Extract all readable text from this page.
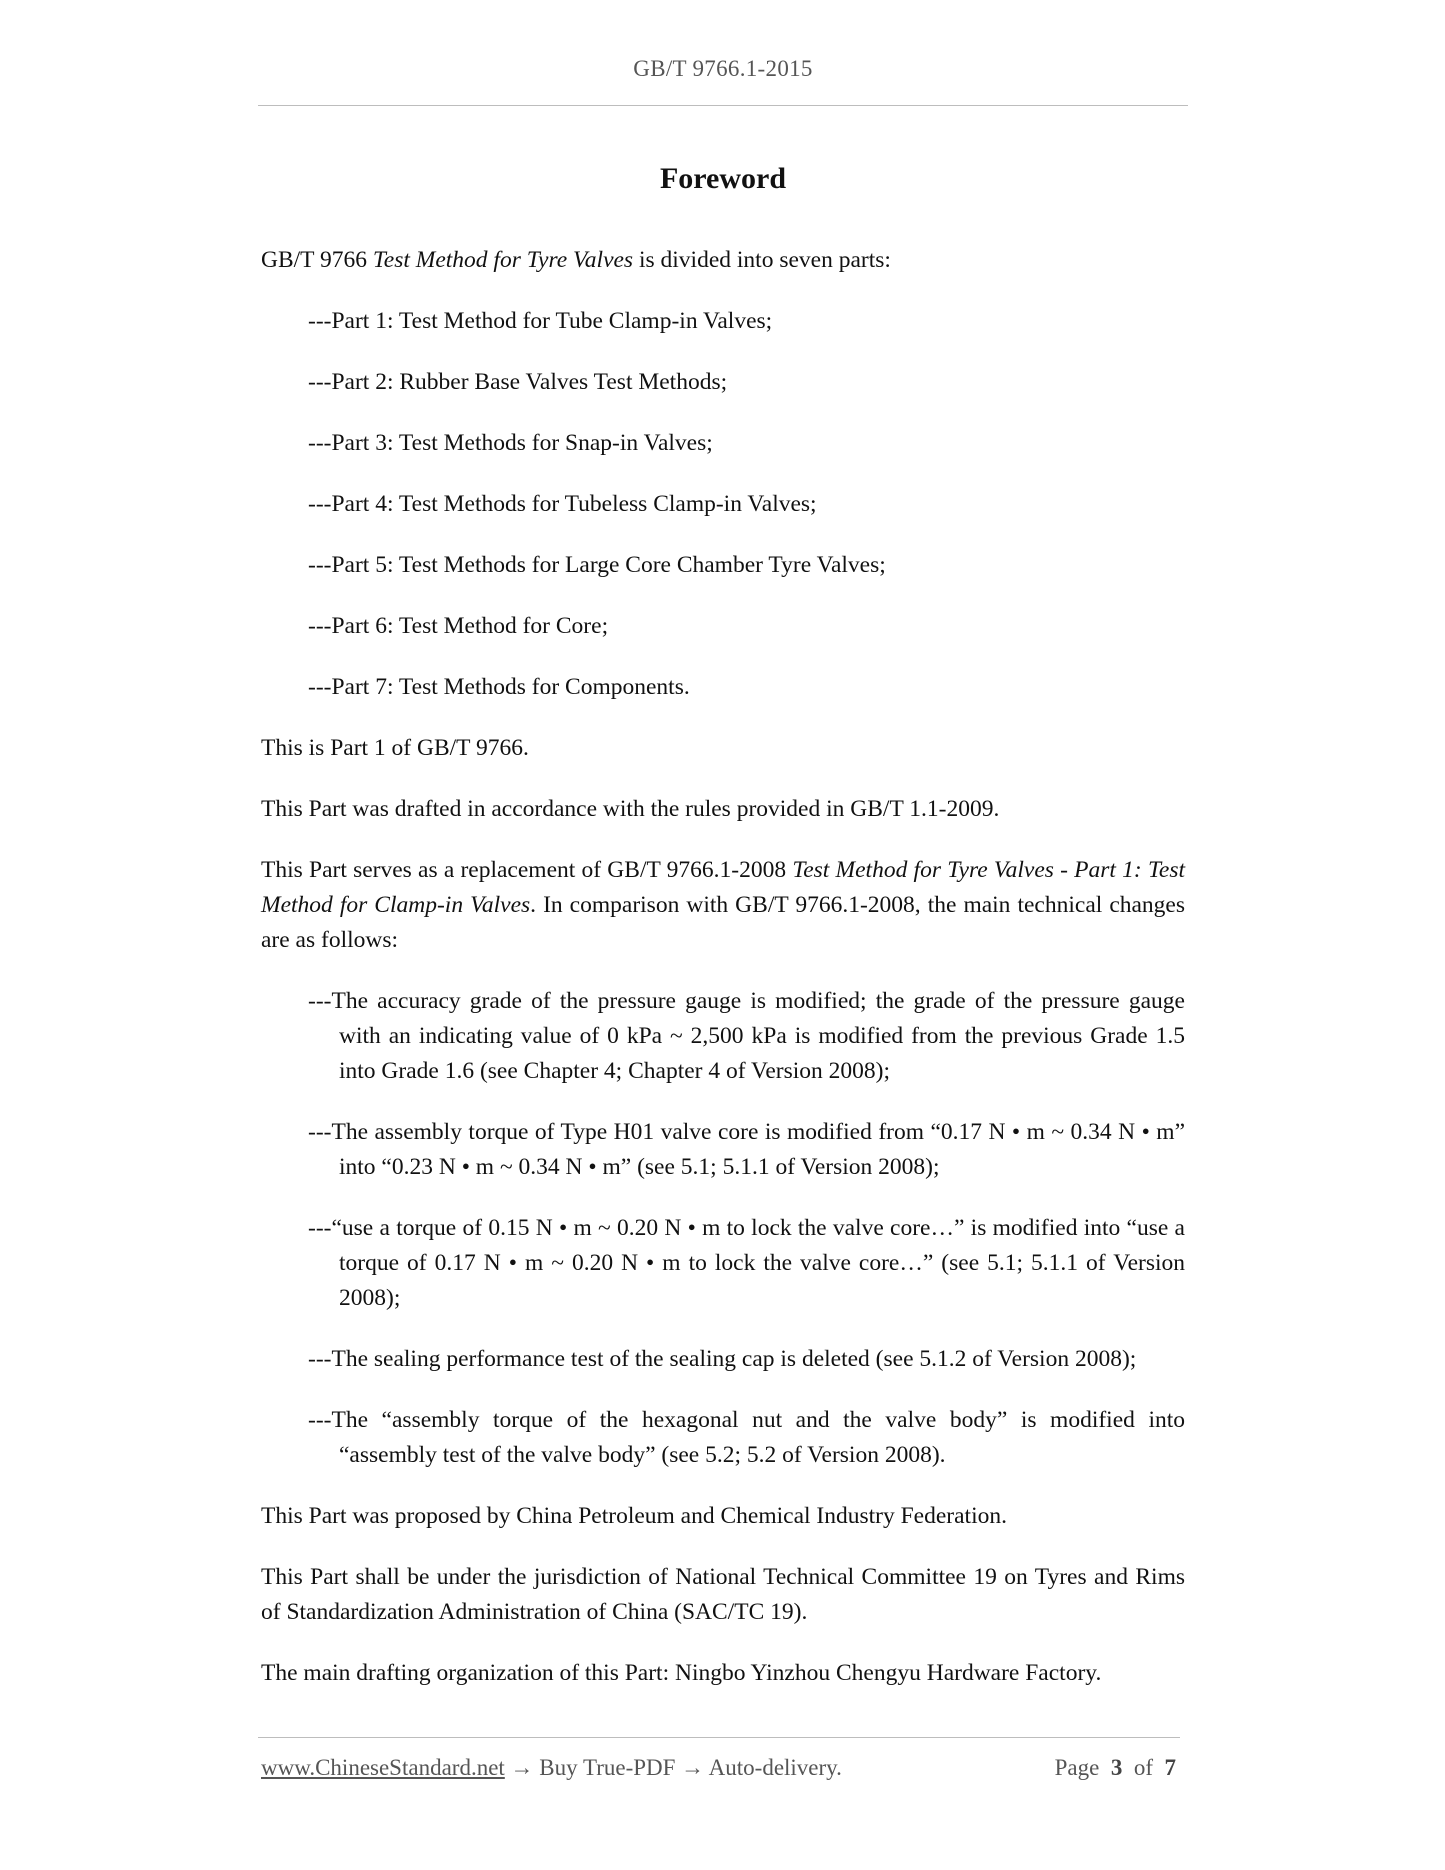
GB/T 9766.1-2015
Foreword

GB/T 9766 Test Method for Tyre Valves is divided into seven parts:

---Part 1: Test Method for Tube Clamp-in Valves;
---Part 2: Rubber Base Valves Test Methods;
---Part 3: Test Methods for Snap-in Valves;
---Part 4: Test Methods for Tubeless Clamp-in Valves;
---Part 5: Test Methods for Large Core Chamber Tyre Valves;
---Part 6: Test Method for Core;
---Part 7: Test Methods for Components.

This is Part 1 of GB/T 9766.

This Part was drafted in accordance with the rules provided in GB/T 1.1-2009.

This Part serves as a replacement of GB/T 9766.1-2008 Test Method for Tyre Valves - Part 1: Test Method for Clamp-in Valves. In comparison with GB/T 9766.1-2008, the main technical changes are as follows:

---The accuracy grade of the pressure gauge is modified; the grade of the pressure gauge with an indicating value of 0 kPa ~ 2,500 kPa is modified from the previous Grade 1.5 into Grade 1.6 (see Chapter 4; Chapter 4 of Version 2008);
---The assembly torque of Type H01 valve core is modified from “0.17 N • m ~ 0.34 N • m” into “0.23 N • m ~ 0.34 N • m” (see 5.1; 5.1.1 of Version 2008);
---“use a torque of 0.15 N • m ~ 0.20 N • m to lock the valve core…” is modified into “use a torque of 0.17 N • m ~ 0.20 N • m to lock the valve core…” (see 5.1; 5.1.1 of Version 2008);
---The sealing performance test of the sealing cap is deleted (see 5.1.2 of Version 2008);
---The “assembly torque of the hexagonal nut and the valve body” is modified into “assembly test of the valve body” (see 5.2; 5.2 of Version 2008).

This Part was proposed by China Petroleum and Chemical Industry Federation.

This Part shall be under the jurisdiction of National Technical Committee 19 on Tyres and Rims of Standardization Administration of China (SAC/TC 19).

The main drafting organization of this Part: Ningbo Yinzhou Chengyu Hardware Factory.

www.ChineseStandard.net → Buy True-PDF → Auto-delivery.	Page 3 of 7
